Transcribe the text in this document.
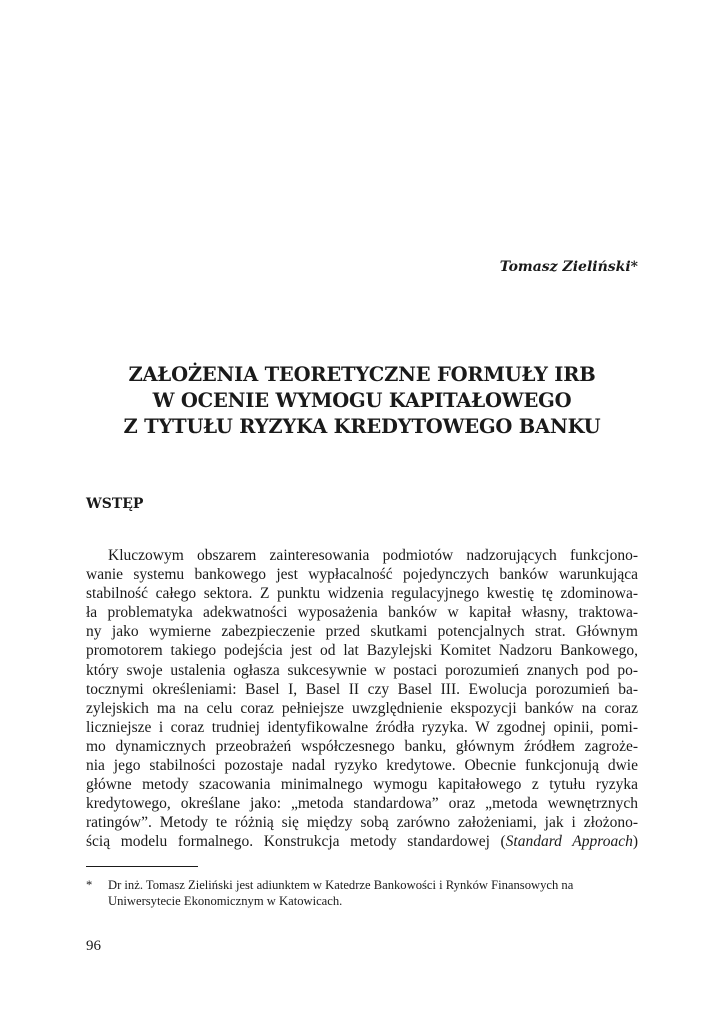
Tomasz Zieliński*
ZAŁOŻENIA TEORETYCZNE FORMUŁY IRB
W OCENIE WYMOGU KAPITAŁOWEGO
Z TYTUŁU RYZYKA KREDYTOWEGO BANKU
WSTĘP
Kluczowym obszarem zainteresowania podmiotów nadzorujących funkcjono-
wanie systemu bankowego jest wypłacalność pojedynczych banków warunkująca
stabilność całego sektora. Z punktu widzenia regulacyjnego kwestię tę zdominowa-
ła problematyka adekwatności wyposażenia banków w kapitał własny, traktowa-
ny jako wymierne zabezpieczenie przed skutkami potencjalnych strat. Głównym
promotorem takiego podejścia jest od lat Bazylejski Komitet Nadzoru Bankowego,
który swoje ustalenia ogłasza sukcesywnie w postaci porozumień znanych pod po-
tocznymi określeniami: Basel I, Basel II czy Basel III. Ewolucja porozumień ba-
zylejskich ma na celu coraz pełniejsze uwzględnienie ekspozycji banków na coraz
liczniejsze i coraz trudniej identyfikowalne źródła ryzyka. W zgodnej opinii, pomi-
mo dynamicznych przeobrażeń współczesnego banku, głównym źródłem zagroże-
nia jego stabilności pozostaje nadal ryzyko kredytowe. Obecnie funkcjonują dwie
główne metody szacowania minimalnego wymogu kapitałowego z tytułu ryzyka
kredytowego, określane jako: „metoda standardowa” oraz „metoda wewnętrznych
ratingów”. Metody te różnią się między sobą zarówno założeniami, jak i złożono-
ścią modelu formalnego. Konstrukcja metody standardowej (Standard Approach)
* Dr inż. Tomasz Zieliński jest adiunktem w Katedrze Bankowości i Rynków Finansowych na
Uniwersytecie Ekonomicznym w Katowicach.
96
